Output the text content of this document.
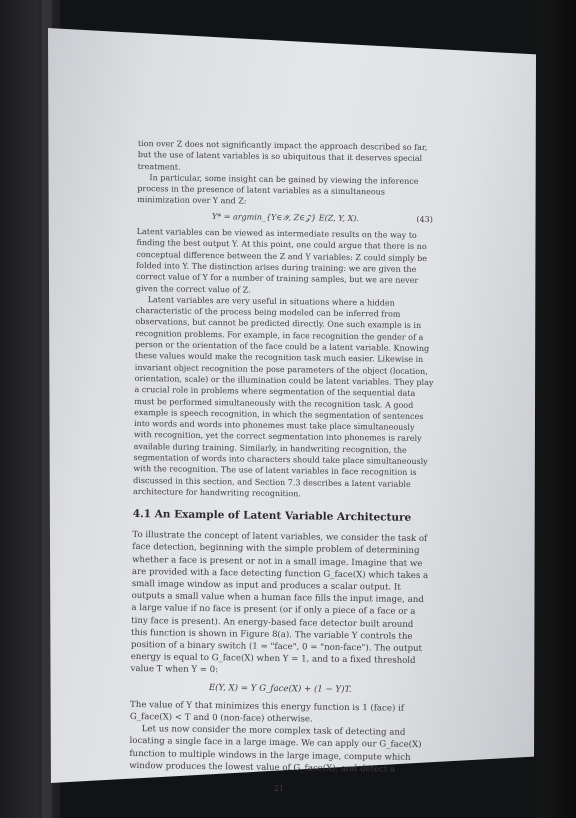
tion over Z does not significantly impact the approach described so far, but the use of latent variables is so ubiquitous that it deserves special treatment.

In particular, some insight can be gained by viewing the inference process in the presence of latent variables as a simultaneous minimization over Y and Z:

Y* = argmin_{Y∈𝒴, Z∈𝒵} E(Z, Y, X).	(43)

Latent variables can be viewed as intermediate results on the way to finding the best output Y. At this point, one could argue that there is no conceptual difference between the Z and Y variables: Z could simply be folded into Y. The distinction arises during training: we are given the correct value of Y for a number of training samples, but we are never given the correct value of Z.

Latent variables are very useful in situations where a hidden characteristic of the process being modeled can be inferred from observations, but cannot be predicted directly. One such example is in recognition problems. For example, in face recognition the gender of a person or the orientation of the face could be a latent variable. Knowing these values would make the recognition task much easier. Likewise in invariant object recognition the pose parameters of the object (location, orientation, scale) or the illumination could be latent variables. They play a crucial role in problems where segmentation of the sequential data must be performed simultaneously with the recognition task. A good example is speech recognition, in which the segmentation of sentences into words and words into phonemes must take place simultaneously with recognition, yet the correct segmentation into phonemes is rarely available during training. Similarly, in handwriting recognition, the segmentation of words into characters should take place simultaneously with the recognition. The use of latent variables in face recognition is discussed in this section, and Section 7.3 describes a latent variable architecture for handwriting recognition.

4.1 An Example of Latent Variable Architecture

To illustrate the concept of latent variables, we consider the task of face detection, beginning with the simple problem of determining whether a face is present or not in a small image. Imagine that we are provided with a face detecting function G_face(X) which takes a small image window as input and produces a scalar output. It outputs a small value when a human face fills the input image, and a large value if no face is present (or if only a piece of a face or a tiny face is present). An energy-based face detector built around this function is shown in Figure 8(a). The variable Y controls the position of a binary switch (1 = "face", 0 = "non-face"). The output energy is equal to G_face(X) when Y = 1, and to a fixed threshold value T when Y = 0:

E(Y, X) = Y G_face(X) + (1 − Y)T.

The value of Y that minimizes this energy function is 1 (face) if G_face(X) < T and 0 (non-face) otherwise.

Let us now consider the more complex task of detecting and locating a single face in a large image. We can apply our G_face(X) function to multiple windows in the large image, compute which window produces the lowest value of G_face(X), and detect a

21
